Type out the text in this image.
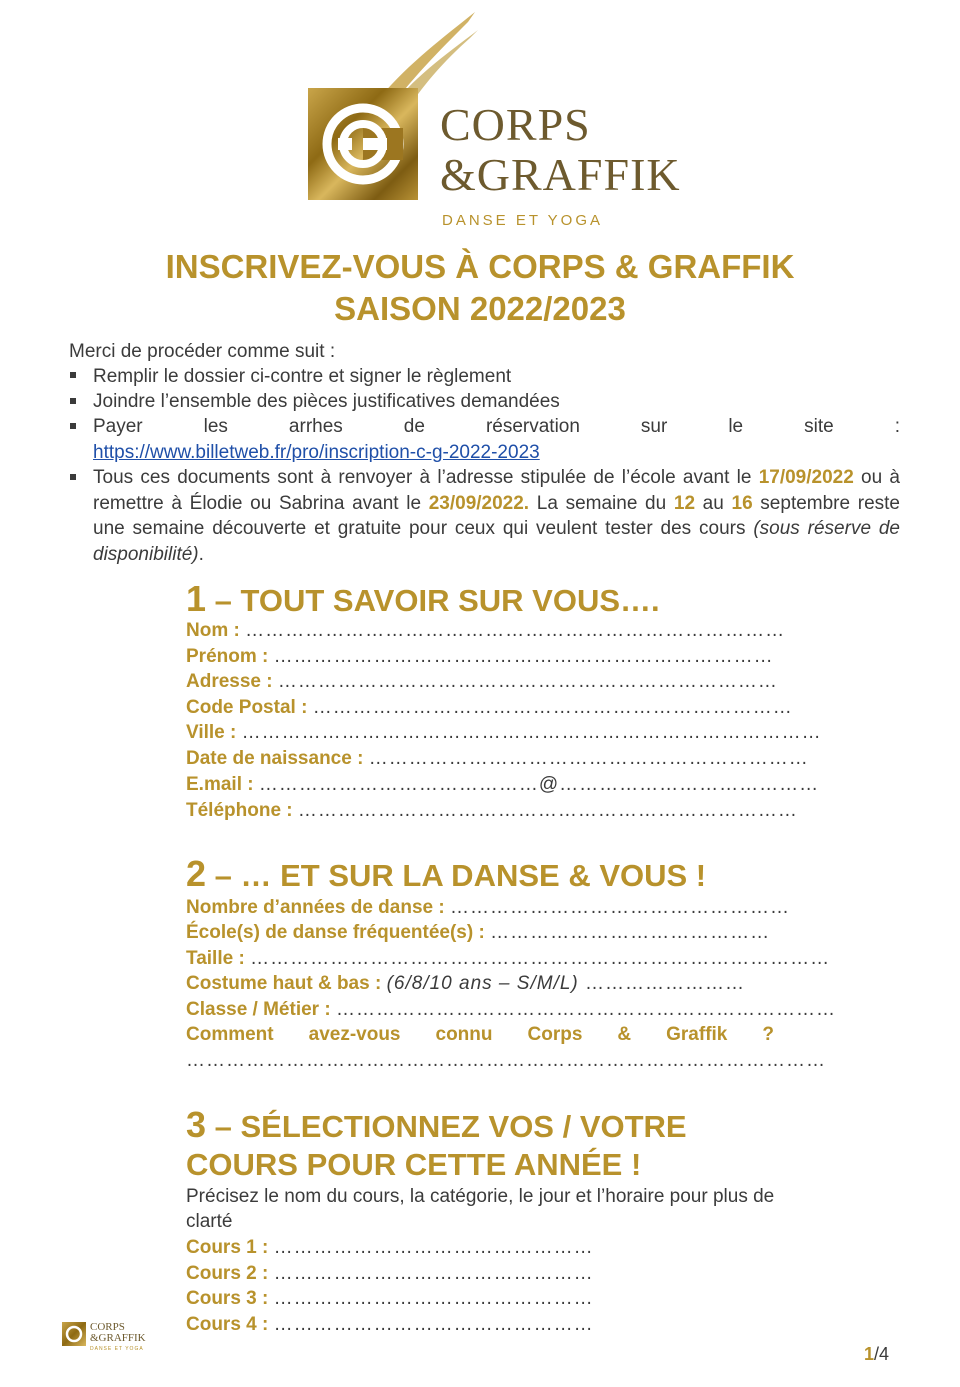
CORPS
&GRAFFIK
DANSE ET YOGA
INSCRIVEZ-VOUS À CORPS & GRAFFIK
SAISON 2022/2023
Merci de procéder comme suit :
Remplir le dossier ci-contre et signer le règlement
Joindre l’ensemble des pièces justificatives demandées
Payer les arrhes de réservation sur le site :
https://www.billetweb.fr/pro/inscription-c-g-2022-2023
Tous ces documents sont à renvoyer à l’adresse stipulée de l’école avant le 17/09/2022 ou à remettre à Élodie ou Sabrina avant le 23/09/2022. La semaine du 12 au 16 septembre reste une semaine découverte et gratuite pour ceux qui veulent tester des cours (sous réserve de disponibilité).
1 – TOUT SAVOIR SUR VOUS….
Nom : ………………………………………………………………………
Prénom : …………………………………………………………………
Adresse : …………………………………………………………………
Code Postal : ………………………………………………………………
Ville : ……………………………………………………………………………
Date de naissance : …………………………………………………………
E.mail : ……………………………………@…………………………………
Téléphone : …………………………………………………………………
2 – … ET SUR LA DANSE & VOUS !
Nombre d’années de danse : ……………………………………………
École(s) de danse fréquentée(s) : ……………………………………
Taille : ……………………………………………………………………………
Costume haut & bas : (6/8/10 ans – S/M/L) ……………………
Classe / Métier : …………………………………………………………………
Comment avez-vous connu Corps & Graffik ?
……………………………………………………………………………………
3 – SÉLECTIONNEZ VOS / VOTRE
COURS POUR CETTE ANNÉE !
Précisez le nom du cours, la catégorie, le jour et l’horaire pour plus de clarté
Cours 1 : …………………………………………
Cours 2 : …………………………………………
Cours 3 : …………………………………………
Cours 4 : …………………………………………
CORPS
&GRAFFIK
DANSE ET YOGA	1/4
